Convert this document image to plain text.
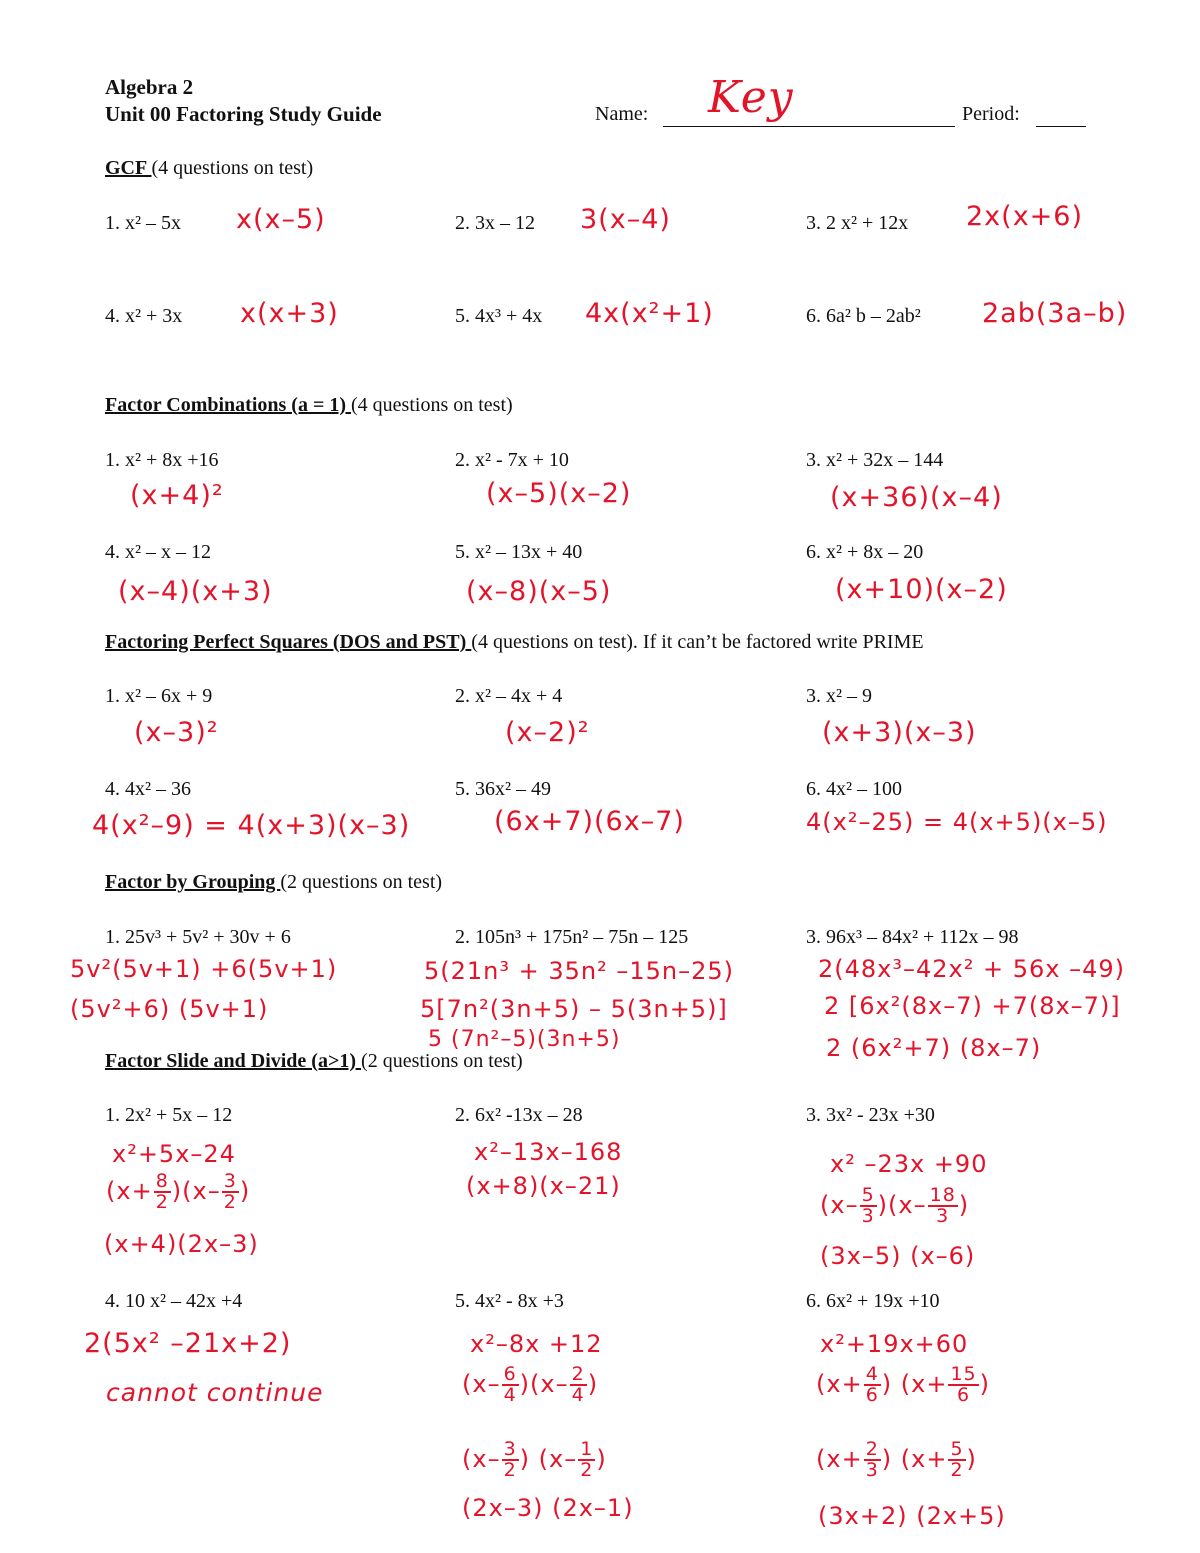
Algebra 2
Unit 00 Factoring Study Guide	Name: Key	Period:
GCF (4 questions on test)
1. x² – 5x x(x–5)	2. 3x – 12 3(x–4)	3. 2 x² + 12x 2x(x+6)
4. x² + 3x x(x+3)	5. 4x³ + 4x 4x(x²+1)	6. 6a² b – 2ab² 2ab(3a–b)
Factor Combinations (a = 1) (4 questions on test)
1. x² + 8x +16
(x+4)²
2. x² - 7x + 10
(x–5)(x–2)
3. x² + 32x – 144
(x+36)(x–4)
4. x² – x – 12
(x–4)(x+3)
5. x² – 13x + 40
(x–8)(x–5)
6. x² + 8x – 20
(x+10)(x–2)
Factoring Perfect Squares (DOS and PST) (4 questions on test). If it can’t be factored write PRIME
1. x² – 6x + 9
(x–3)²
2. x² – 4x + 4
(x–2)²
3. x² – 9
(x+3)(x–3)
4. 4x² – 36
4(x²–9) = 4(x+3)(x–3)
5. 36x² – 49
(6x+7)(6x–7)
6. 4x² – 100
4(x²–25) = 4(x+5)(x–5)
Factor by Grouping (2 questions on test)
1. 25v³ + 5v² + 30v + 6
5v²(5v+1) +6(5v+1)
(5v²+6) (5v+1)
2. 105n³ + 175n² – 75n – 125
5(21n³ + 35n² –15n–25)
5[7n²(3n+5) – 5(3n+5)]
5 (7n²–5)(3n+5)
3. 96x³ – 84x² + 112x – 98
2(48x³–42x² + 56x –49)
2 [6x²(8x–7) +7(8x–7)]
2 (6x²+7) (8x–7)
Factor Slide and Divide (a>1) (2 questions on test)
1. 2x² + 5x – 12
x²+5x–24
$(x+ \frac{8}{2} )(x- \frac{3}{2}$ )
(x+4)(2x–3)
2. 6x² -13x – 28
x²–13x–168
(x+8)(x–21)
3. 3x² - 23x +30
x² –23x +90
$(x- \frac{5}{3} )(x- \frac{18}{3}$ )
(3x–5) (x–6)
4. 10 x² – 42x +4
2(5x² –21x+2)
cannot continue
5. 4x² - 8x +3
x²–8x +12
$(x- \frac{6}{4} )(x- \frac{2}{4}$ )
($x- \frac{3}{2}$ ) ($x- \frac{1}{2}$ )
(2x–3) (2x–1)
6. 6x² + 19x +10
x²+19x+60
($x+ \frac{4}{6}$ ) ($x+ \frac{15}{6}$ )
($x+ \frac{2}{3}$ ) ($x+ \frac{5}{2}$ )
(3x+2) (2x+5)
